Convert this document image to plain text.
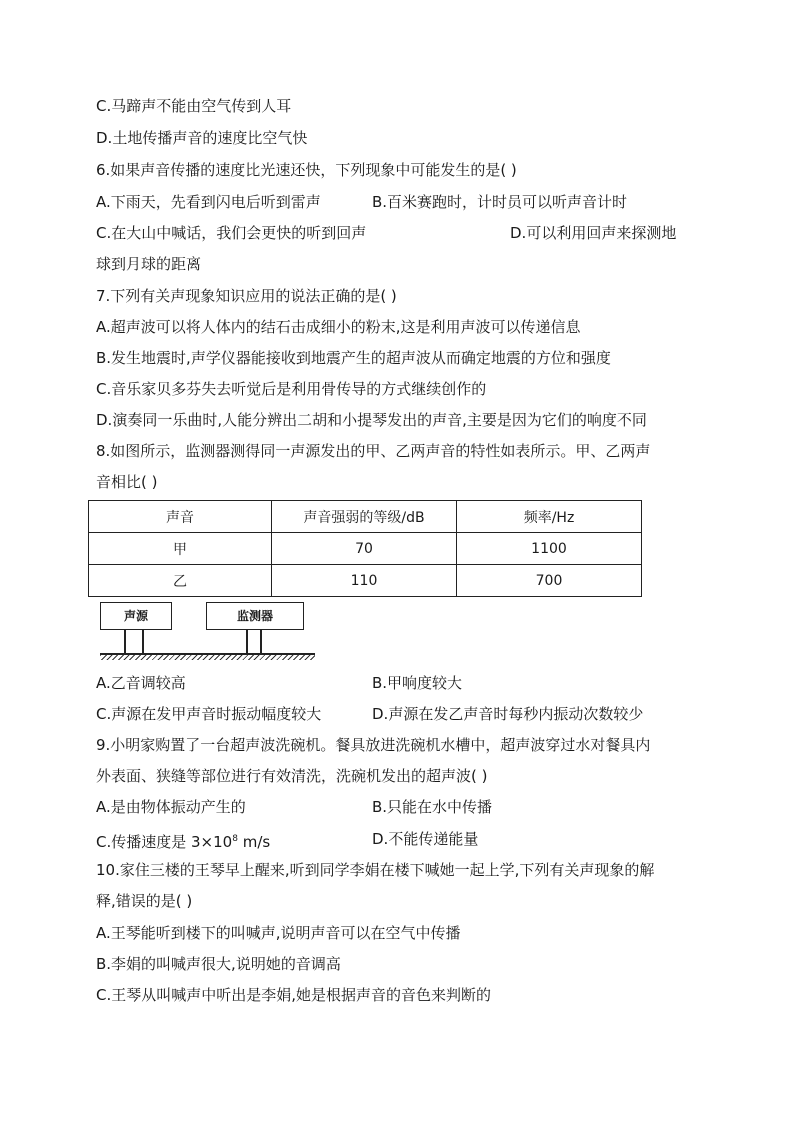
C.马蹄声不能由空气传到人耳
D.土地传播声音的速度比空气快
6.如果声音传播的速度比光速还快，下列现象中可能发生的是( )
A.下雨天，先看到闪电后听到雷声	B.百米赛跑时，计时员可以听声音计时
C.在大山中喊话，我们会更快的听到回声	D.可以利用回声来探测地
球到月球的距离
7.下列有关声现象知识应用的说法正确的是( )
A.超声波可以将人体内的结石击成细小的粉末,这是利用声波可以传递信息
B.发生地震时,声学仪器能接收到地震产生的超声波从而确定地震的方位和强度
C.音乐家贝多芬失去听觉后是利用骨传导的方式继续创作的
D.演奏同一乐曲时,人能分辨出二胡和小提琴发出的声音,主要是因为它们的响度不同
8.如图所示，监测器测得同一声源发出的甲、乙两声音的特性如表所示。甲、乙两声
音相比( )
声音	声音强弱的等级/dB	频率/Hz
甲	70	1100
乙	110	700
声源	监测器
A.乙音调较高	B.甲响度较大
C.声源在发甲声音时振动幅度较大	D.声源在发乙声音时每秒内振动次数较少
9.小明家购置了一台超声波洗碗机。餐具放进洗碗机水槽中，超声波穿过水对餐具内
外表面、狭缝等部位进行有效清洗，洗碗机发出的超声波( )
A.是由物体振动产生的	B.只能在水中传播
C.传播速度是 $3\times 10^8$ m/s	D.不能传递能量
10.家住三楼的王琴早上醒来,听到同学李娟在楼下喊她一起上学,下列有关声现象的解
释,错误的是( )
A.王琴能听到楼下的叫喊声,说明声音可以在空气中传播
B.李娟的叫喊声很大,说明她的音调高
C.王琴从叫喊声中听出是李娟,她是根据声音的音色来判断的
